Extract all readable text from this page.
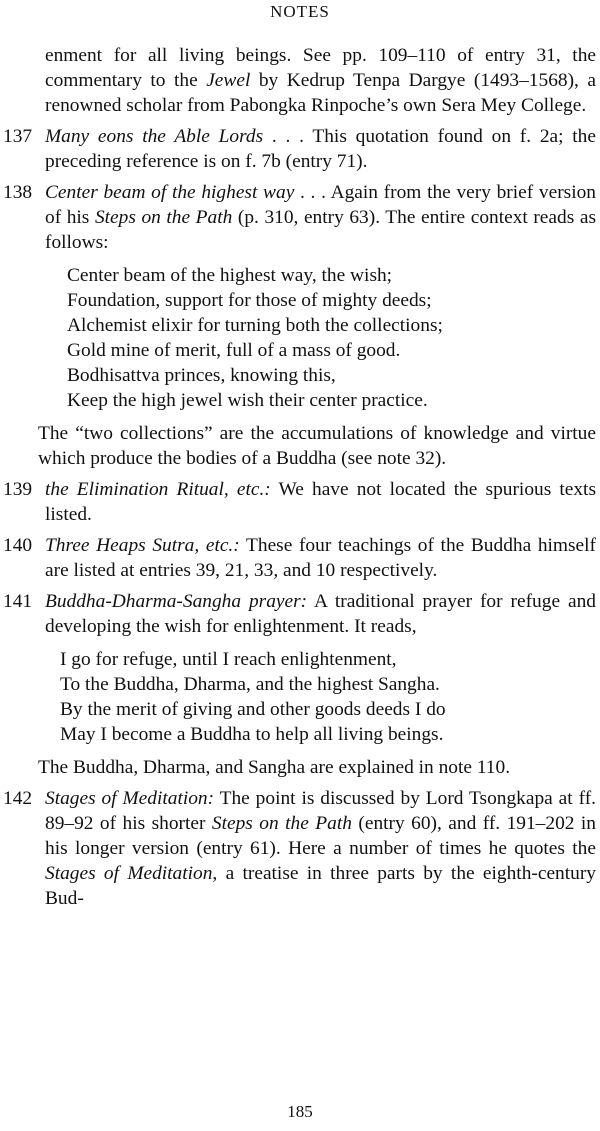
NOTES
enment for all living beings. See pp. 109–110 of entry 31, the commentary to the Jewel by Kedrup Tenpa Dargye (1493–1568), a renowned scholar from Pabongka Rinpoche’s own Sera Mey College.
137 Many eons the Able Lords . . . This quotation found on f. 2a; the preceding reference is on f. 7b (entry 71).
138 Center beam of the highest way . . . Again from the very brief version of his Steps on the Path (p. 310, entry 63). The entire context reads as follows:
Center beam of the highest way, the wish;
Foundation, support for those of mighty deeds;
Alchemist elixir for turning both the collections;
Gold mine of merit, full of a mass of good.
Bodhisattva princes, knowing this,
Keep the high jewel wish their center practice.
The “two collections” are the accumulations of knowledge and virtue which produce the bodies of a Buddha (see note 32).
139 the Elimination Ritual, etc.: We have not located the spurious texts listed.
140 Three Heaps Sutra, etc.: These four teachings of the Buddha himself are listed at entries 39, 21, 33, and 10 respectively.
141 Buddha-Dharma-Sangha prayer: A traditional prayer for refuge and developing the wish for enlightenment. It reads,
I go for refuge, until I reach enlightenment,
To the Buddha, Dharma, and the highest Sangha.
By the merit of giving and other goods deeds I do
May I become a Buddha to help all living beings.
The Buddha, Dharma, and Sangha are explained in note 110.
142 Stages of Meditation: The point is discussed by Lord Tsongkapa at ff. 89–92 of his shorter Steps on the Path (entry 60), and ff. 191–202 in his longer version (entry 61). Here a number of times he quotes the Stages of Meditation, a treatise in three parts by the eighth-century Bud-
185
